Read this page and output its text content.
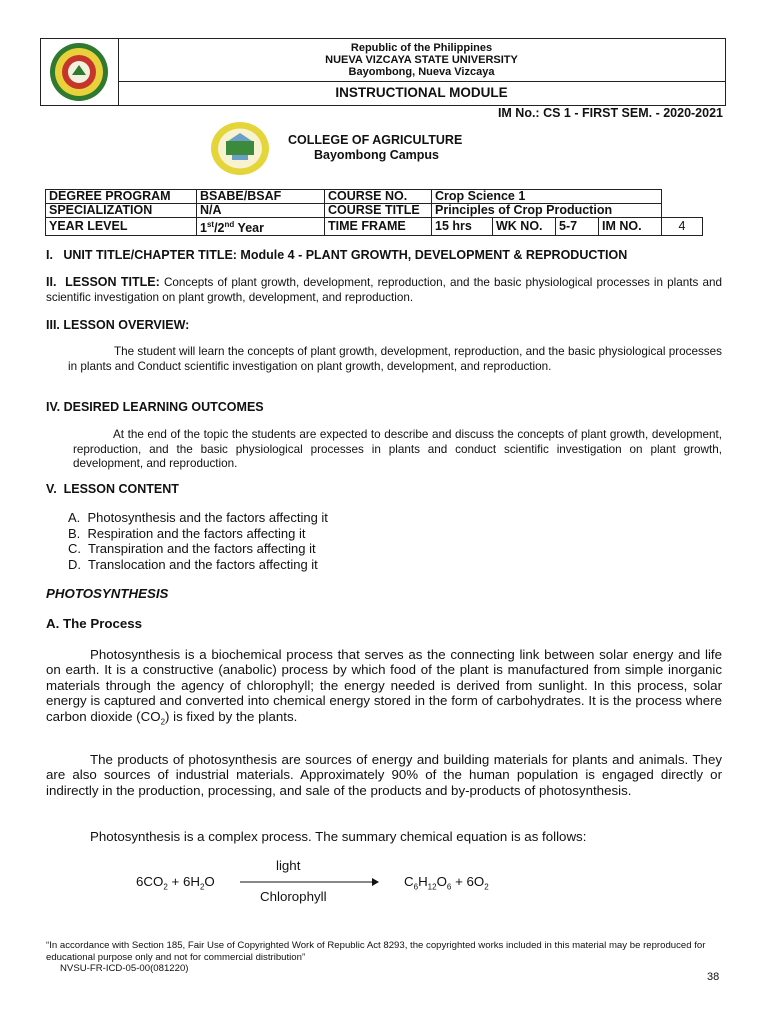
Republic of the Philippines
NUEVA VIZCAYA STATE UNIVERSITY
Bayombong, Nueva Vizcaya
INSTRUCTIONAL MODULE
IM No.: CS 1 - FIRST SEM. - 2020-2021
COLLEGE OF AGRICULTURE
Bayombong Campus
DEGREE PROGRAM	BSABE/BSAF	COURSE NO.	Crop Science 1				
SPECIALIZATION	N/A	COURSE TITLE	Principles of Crop Production				
YEAR LEVEL	1st/2nd Year	TIME FRAME	15 hrs	WK NO.	5-7	IM NO.	4
I.   UNIT TITLE/CHAPTER TITLE: Module 4 - PLANT GROWTH, DEVELOPMENT & REPRODUCTION
II.  LESSON TITLE: Concepts of plant growth, development, reproduction, and the basic physiological processes in plants and scientific investigation on plant growth, development, and reproduction.
III. LESSON OVERVIEW:
The student will learn the concepts of plant growth, development, reproduction, and the basic physiological processes in plants and Conduct scientific investigation on plant growth, development, and reproduction.
IV. DESIRED LEARNING OUTCOMES
At the end of the topic the students are expected to describe and discuss the concepts of plant growth, development, reproduction, and the basic physiological processes in plants and conduct scientific investigation on plant growth, development, and reproduction.
V.  LESSON CONTENT
A.  Photosynthesis and the factors affecting it
B.  Respiration and the factors affecting it
C.  Transpiration and the factors affecting it
D.  Translocation and the factors affecting it
PHOTOSYNTHESIS
A. The Process
Photosynthesis is a biochemical process that serves as the connecting link between solar energy and life on earth. It is a constructive (anabolic) process by which food of the plant is manufactured from simple inorganic materials through the agency of chlorophyll; the energy needed is derived from sunlight. In this process, solar energy is captured and converted into chemical energy stored in the form of carbohydrates. It is the process where carbon dioxide $(CO_2)$ is fixed by the plants.
The products of photosynthesis are sources of energy and building materials for plants and animals. They are also sources of industrial materials. Approximately 90% of the human population is engaged directly or indirectly in the production, processing, and sale of the products and by-products of photosynthesis.
Photosynthesis is a complex process. The summary chemical equation is as follows:
light
$6CO_2 + 6H_2O$	$C_6H_{12}O_6 + 6O_2$
Chlorophyll
“In accordance with Section 185, Fair Use of Copyrighted Work of Republic Act 8293, the copyrighted works included in this material may be reproduced for educational purpose only and not for commercial distribution”
NVSU-FR-ICD-05-00(081220)
38
